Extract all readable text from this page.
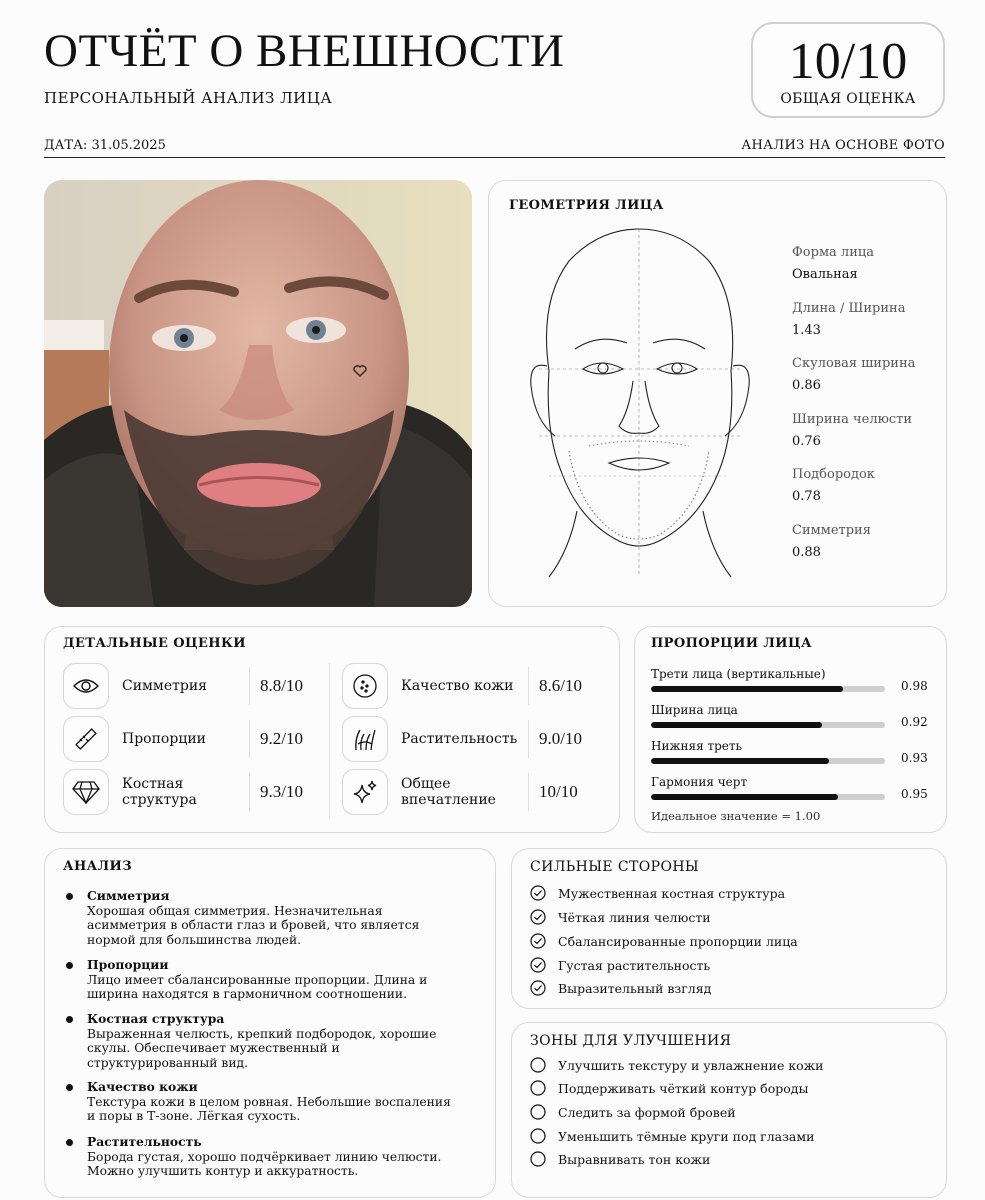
ОТЧЁТ О ВНЕШНОСТИ
ПЕРСОНАЛЬНЫЙ АНАЛИЗ ЛИЦА
10/10
ОБЩАЯ ОЦЕНКА
ДАТА: 31.05.2025	АНАЛИЗ НА ОСНОВЕ ФОТО
ГЕОМЕТРИЯ ЛИЦА
Форма лица
Овальная
Длина / Ширина
1.43
Скуловая ширина
0.86
Ширина челюсти
0.76
Подбородок
0.78
Симметрия
0.88
ДЕТАЛЬНЫЕ ОЦЕНКИ
Симметрия	8.8/10
Пропорции	9.2/10
Костная структура	9.3/10
Качество кожи	8.6/10
Растительность	9.0/10
Общее впечатление	10/10
ПРОПОРЦИИ ЛИЦА
Трети лица (вертикальные)
0.98
Ширина лица
0.92
Нижняя треть
0.93
Гармония черт
0.95
Идеальное значение = 1.00
АНАЛИЗ
Симметрия
Хорошая общая симметрия. Незначительная асимметрия в области глаз и бровей, что является нормой для большинства людей.
Пропорции
Лицо имеет сбалансированные пропорции. Длина и ширина находятся в гармоничном соотношении.
Костная структура
Выраженная челюсть, крепкий подбородок, хорошие скулы. Обеспечивает мужественный и структурированный вид.
Качество кожи
Текстура кожи в целом ровная. Небольшие воспаления и поры в Т-зоне. Лёгкая сухость.
Растительность
Борода густая, хорошо подчёркивает линию челюсти. Можно улучшить контур и аккуратность.
СИЛЬНЫЕ СТОРОНЫ
Мужественная костная структура
Чёткая линия челюсти
Сбалансированные пропорции лица
Густая растительность
Выразительный взгляд
ЗОНЫ ДЛЯ УЛУЧШЕНИЯ
Улучшить текстуру и увлажнение кожи
Поддерживать чёткий контур бороды
Следить за формой бровей
Уменьшить тёмные круги под глазами
Выравнивать тон кожи
